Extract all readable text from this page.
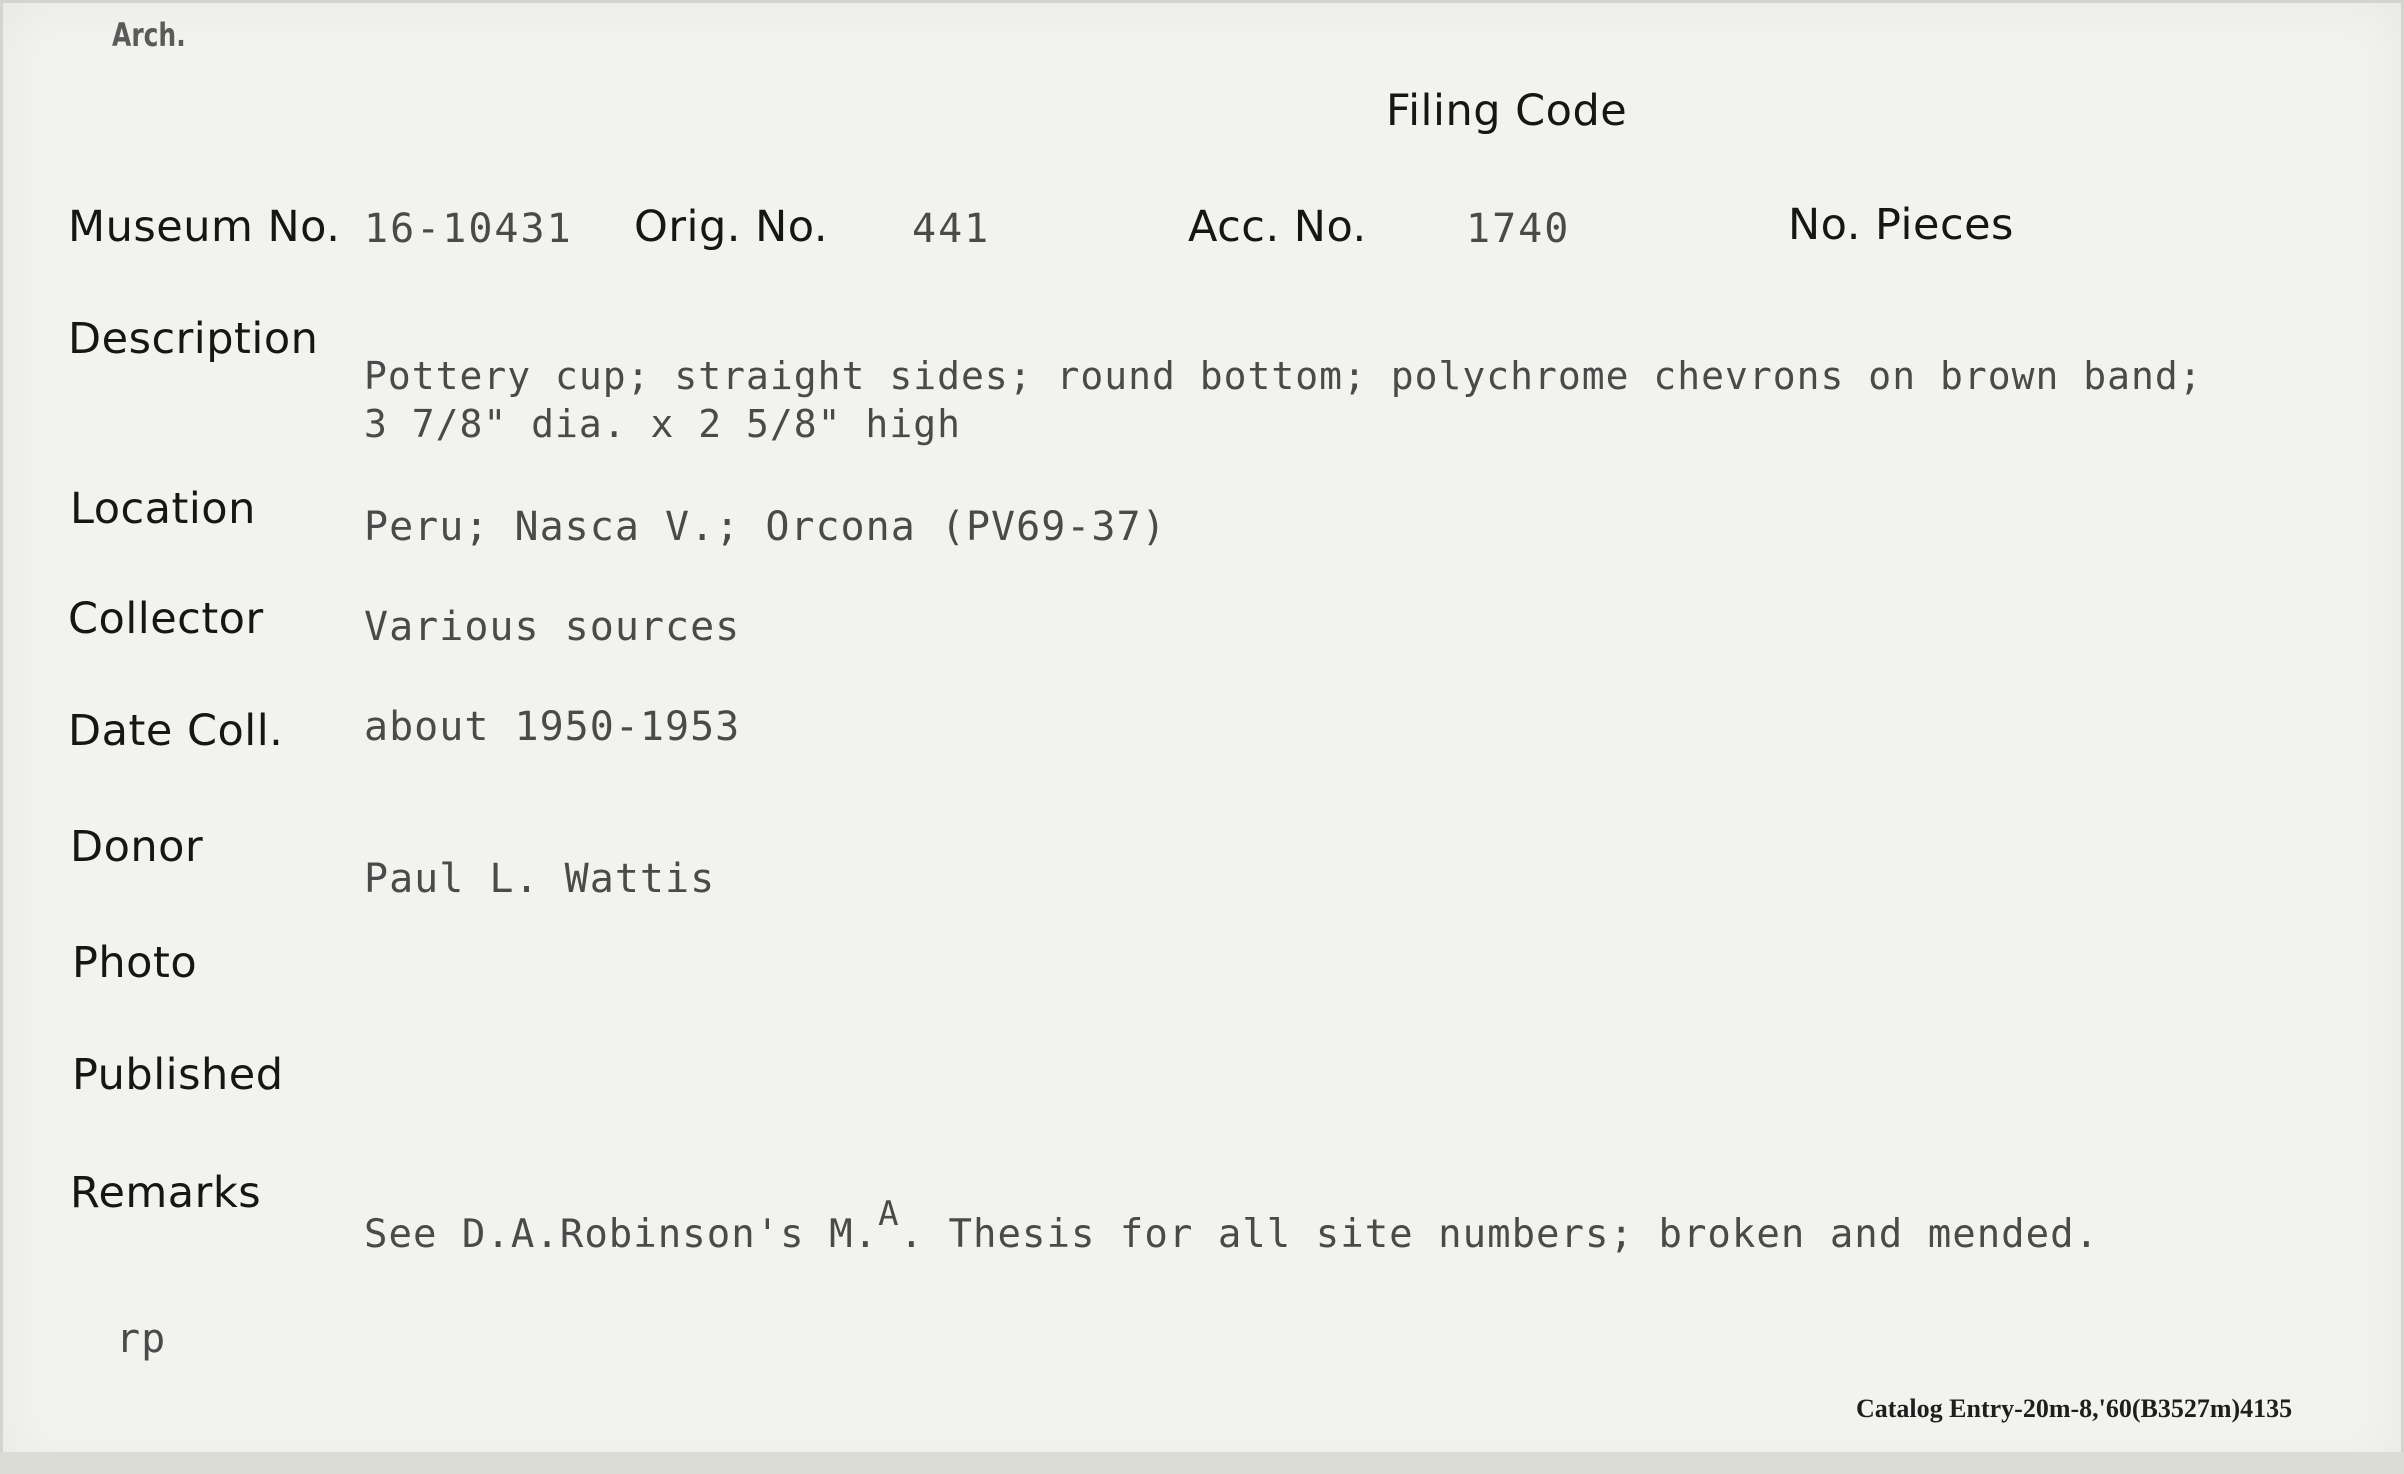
Arch.
Filing Code
Museum No. 16-10431 Orig. No. 441	Acc. No. 1740	No. Pieces
Description
Pottery cup; straight sides; round bottom; polychrome chevrons on brown band;
3 7/8" dia. x 2 5/8" high
Location	Peru; Nasca V.; Orcona (PV69-37)
Collector	Various sources
Date Coll. about 1950-1953
Donor
Paul L. Wattis
Photo
Published
Remarks
See D.A.Robinson's M.A. Thesis for all site numbers; broken and mended.
rp
Catalog Entry-20m-8,'60(B3527m)4135
